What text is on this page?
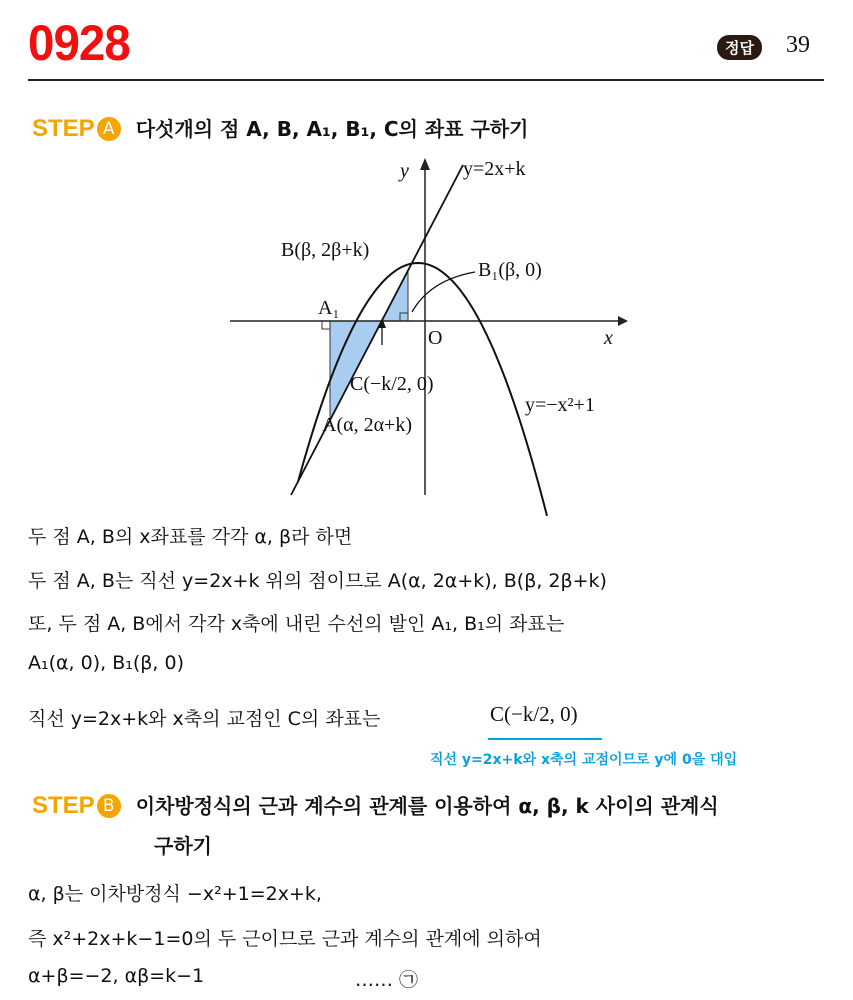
0928	정답	39
STEP A 다섯개의 점 A, B, A₁, B₁, C의 좌표 구하기
y
x
O
y=2x+k
y=−x²+1
B(β, 2β+k)
B₁(β, 0)
A₁
C(−k/2, 0)
A(α, 2α+k)
두 점 A, B의 x좌표를 각각 α, β라 하면
두 점 A, B는 직선 y=2x+k 위의 점이므로 A(α, 2α+k), B(β, 2β+k)
또, 두 점 A, B에서 각각 x축에 내린 수선의 발인 A₁, B₁의 좌표는
A₁(α, 0), B₁(β, 0)
직선 y=2x+k와 x축의 교점인 C의 좌표는	C(−k/2, 0)
직선 y=2x+k와 x축의 교점이므로 y에 0을 대입
STEP B 이차방정식의 근과 계수의 관계를 이용하여 α, β, k 사이의 관계식
구하기
α, β는 이차방정식 −x²+1=2x+k,
즉 x²+2x+k−1=0의 두 근이므로 근과 계수의 관계에 의하여
α+β=−2, αβ=k−1	…… ㉠
